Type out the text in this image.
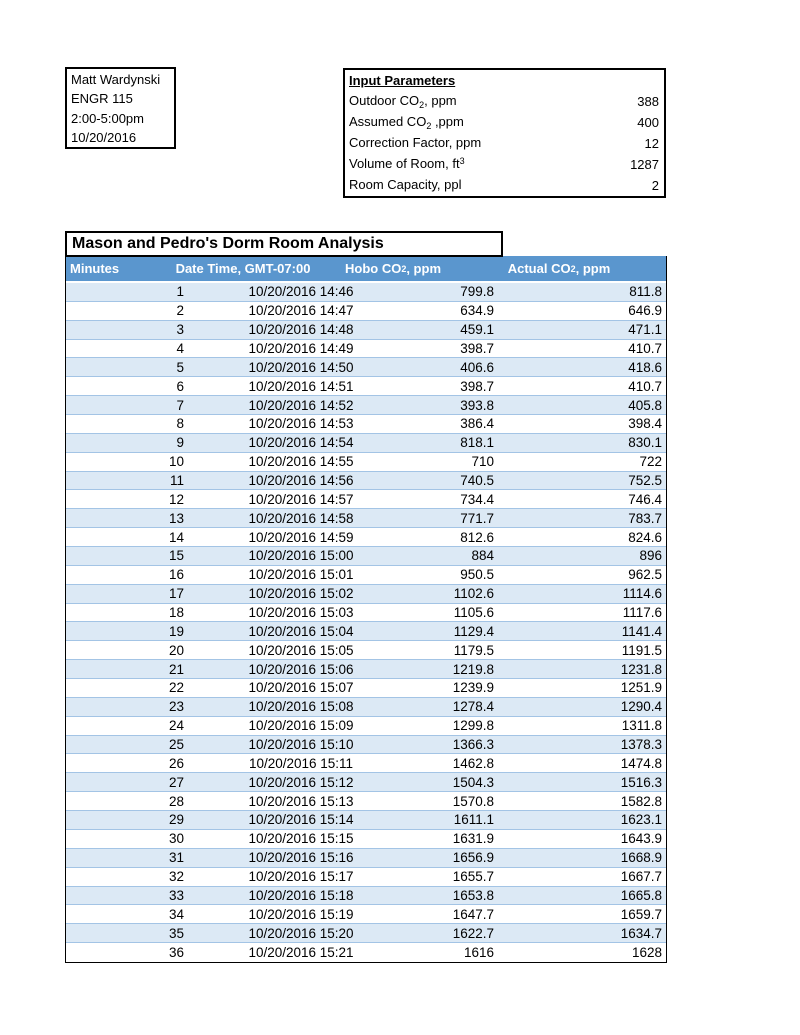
Matt Wardynski
ENGR 115
2:00-5:00pm
10/20/2016
Input Parameters
Outdoor $CO_2$, ppm	388
Assumed $CO_2$ ,ppm	400
Correction Factor, ppm	12
Volume of Room, $ft^3$	1287
Room Capacity, ppl	2
Mason and Pedro's Dorm Room Analysis
Minutes	Date Time, GMT-07:00	Hobo CO 2 , ppm	Actual CO 2 , ppm
1	10/20/2016 14:46	799.8	811.8
2	10/20/2016 14:47	634.9	646.9
3	10/20/2016 14:48	459.1	471.1
4	10/20/2016 14:49	398.7	410.7
5	10/20/2016 14:50	406.6	418.6
6	10/20/2016 14:51	398.7	410.7
7	10/20/2016 14:52	393.8	405.8
8	10/20/2016 14:53	386.4	398.4
9	10/20/2016 14:54	818.1	830.1
10	10/20/2016 14:55	710	722
11	10/20/2016 14:56	740.5	752.5
12	10/20/2016 14:57	734.4	746.4
13	10/20/2016 14:58	771.7	783.7
14	10/20/2016 14:59	812.6	824.6
15	10/20/2016 15:00	884	896
16	10/20/2016 15:01	950.5	962.5
17	10/20/2016 15:02	1102.6	1114.6
18	10/20/2016 15:03	1105.6	1117.6
19	10/20/2016 15:04	1129.4	1141.4
20	10/20/2016 15:05	1179.5	1191.5
21	10/20/2016 15:06	1219.8	1231.8
22	10/20/2016 15:07	1239.9	1251.9
23	10/20/2016 15:08	1278.4	1290.4
24	10/20/2016 15:09	1299.8	1311.8
25	10/20/2016 15:10	1366.3	1378.3
26	10/20/2016 15:11	1462.8	1474.8
27	10/20/2016 15:12	1504.3	1516.3
28	10/20/2016 15:13	1570.8	1582.8
29	10/20/2016 15:14	1611.1	1623.1
30	10/20/2016 15:15	1631.9	1643.9
31	10/20/2016 15:16	1656.9	1668.9
32	10/20/2016 15:17	1655.7	1667.7
33	10/20/2016 15:18	1653.8	1665.8
34	10/20/2016 15:19	1647.7	1659.7
35	10/20/2016 15:20	1622.7	1634.7
36	10/20/2016 15:21	1616	1628
